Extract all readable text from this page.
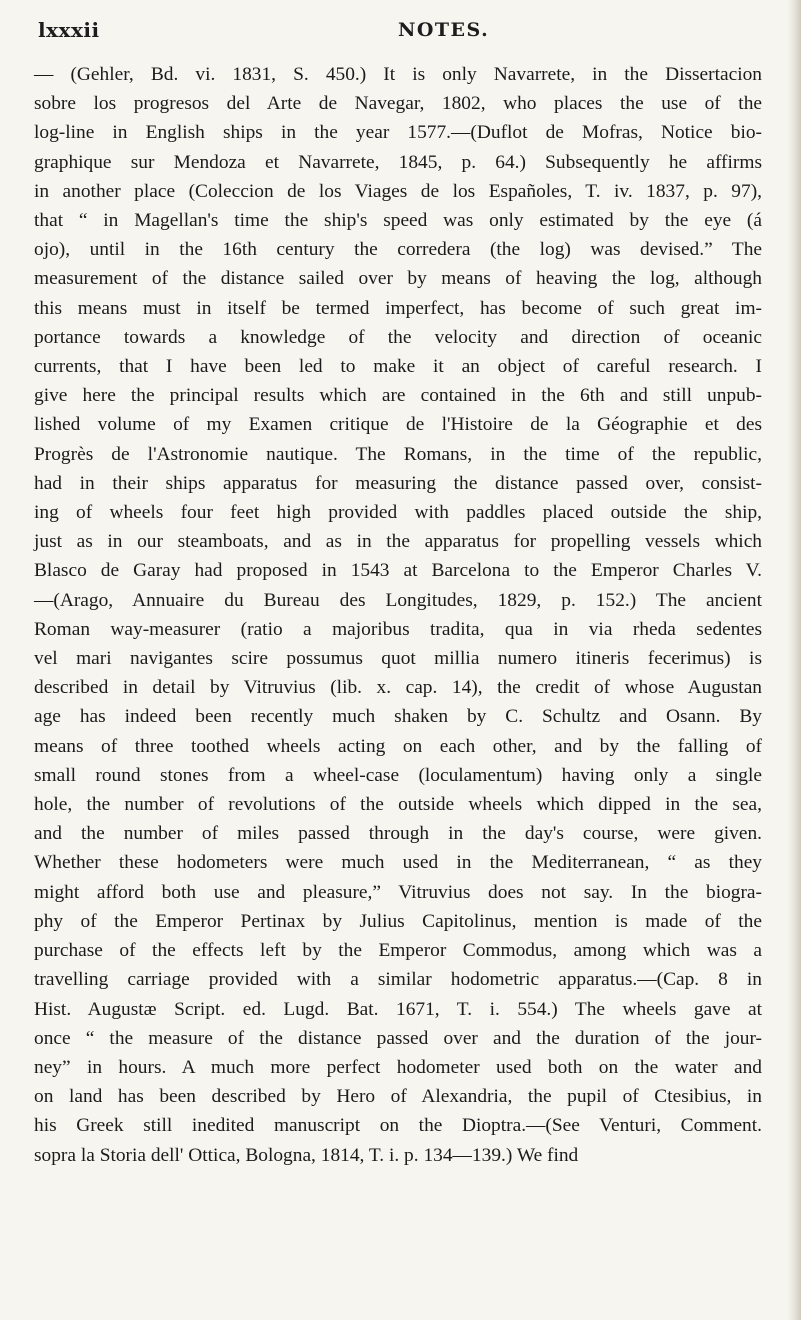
lxxxii	NOTES.
— (Gehler, Bd. vi. 1831, S. 450.) It is only Navarrete, in the Dissertacion
sobre los progresos del Arte de Navegar, 1802, who places the use of the
log-line in English ships in the year 1577.—(Duflot de Mofras, Notice bio-
graphique sur Mendoza et Navarrete, 1845, p. 64.) Subsequently he affirms
in another place (Coleccion de los Viages de los Españoles, T. iv. 1837, p. 97),
that “ in Magellan's time the ship's speed was only estimated by the eye (á
ojo), until in the 16th century the corredera (the log) was devised.” The
measurement of the distance sailed over by means of heaving the log, although
this means must in itself be termed imperfect, has become of such great im-
portance towards a knowledge of the velocity and direction of oceanic
currents, that I have been led to make it an object of careful research. I
give here the principal results which are contained in the 6th and still unpub-
lished volume of my Examen critique de l'Histoire de la Géographie et des
Progrès de l'Astronomie nautique. The Romans, in the time of the republic,
had in their ships apparatus for measuring the distance passed over, consist-
ing of wheels four feet high provided with paddles placed outside the ship,
just as in our steamboats, and as in the apparatus for propelling vessels which
Blasco de Garay had proposed in 1543 at Barcelona to the Emperor Charles V.
—(Arago, Annuaire du Bureau des Longitudes, 1829, p. 152.) The ancient
Roman way-measurer (ratio a majoribus tradita, qua in via rheda sedentes
vel mari navigantes scire possumus quot millia numero itineris fecerimus) is
described in detail by Vitruvius (lib. x. cap. 14), the credit of whose Augustan
age has indeed been recently much shaken by C. Schultz and Osann. By
means of three toothed wheels acting on each other, and by the falling of
small round stones from a wheel-case (loculamentum) having only a single
hole, the number of revolutions of the outside wheels which dipped in the sea,
and the number of miles passed through in the day's course, were given.
Whether these hodometers were much used in the Mediterranean, “ as they
might afford both use and pleasure,” Vitruvius does not say. In the biogra-
phy of the Emperor Pertinax by Julius Capitolinus, mention is made of the
purchase of the effects left by the Emperor Commodus, among which was a
travelling carriage provided with a similar hodometric apparatus.—(Cap. 8 in
Hist. Augustæ Script. ed. Lugd. Bat. 1671, T. i. 554.) The wheels gave at
once “ the measure of the distance passed over and the duration of the jour-
ney” in hours. A much more perfect hodometer used both on the water and
on land has been described by Hero of Alexandria, the pupil of Ctesibius, in
his Greek still inedited manuscript on the Dioptra.—(See Venturi, Comment.
sopra la Storia dell' Ottica, Bologna, 1814, T. i. p. 134—139.) We find
